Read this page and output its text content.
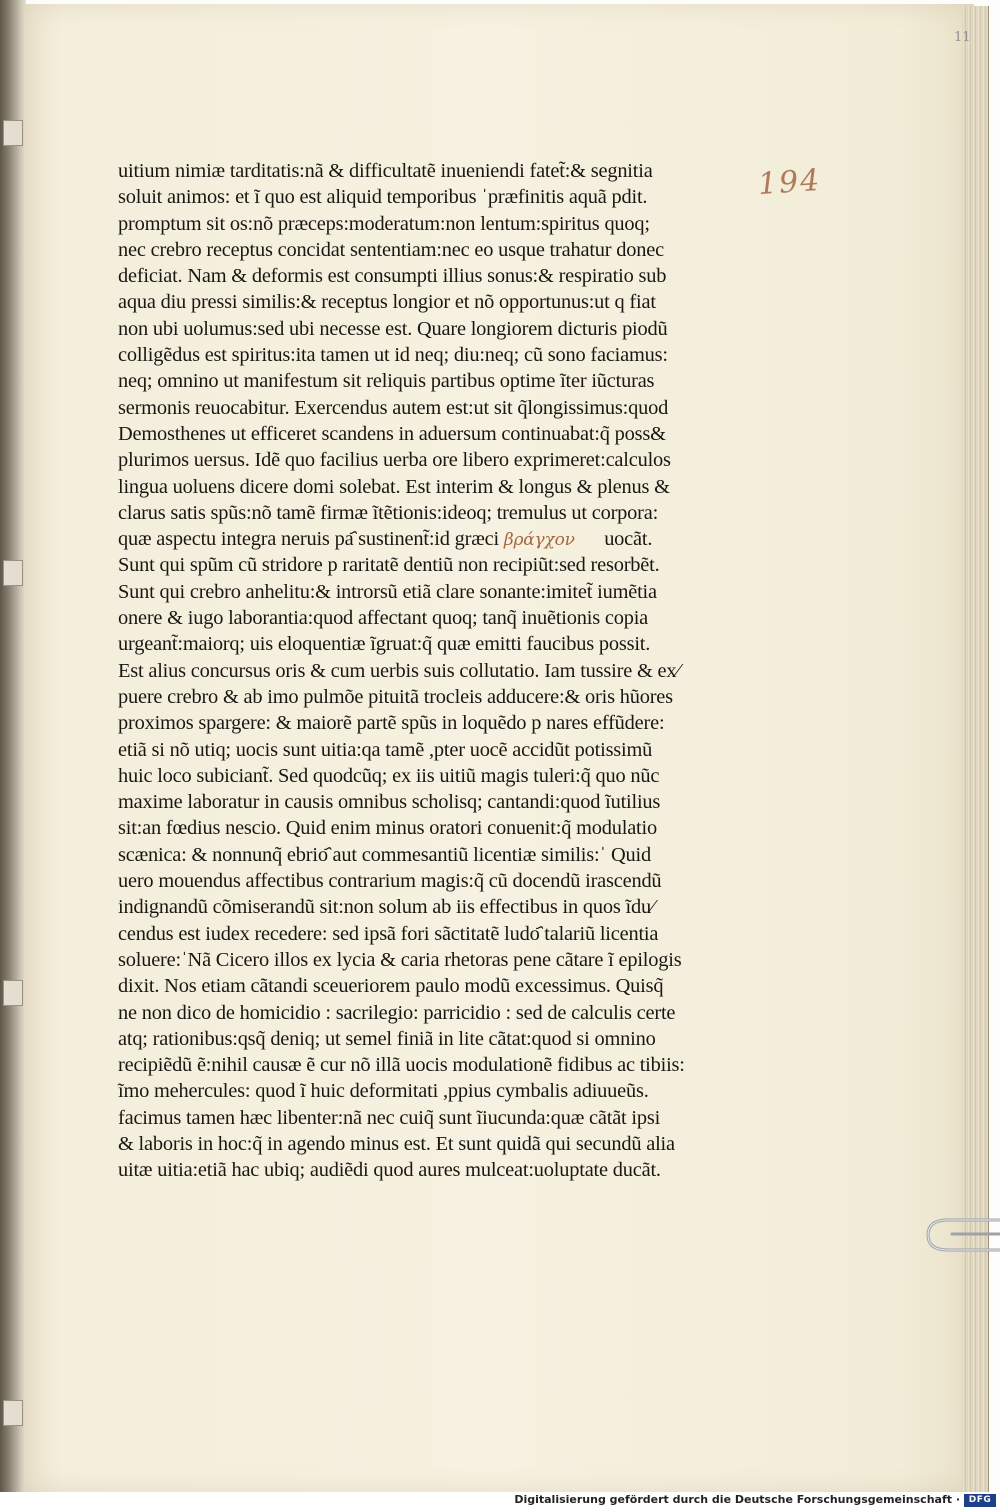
11
194
uitium nimiæ tarditatis:nã & difficultatẽ inueniendi fatet̃:& segnitia
soluit animos: et ĩ quo est aliquid temporibus ˈpræfinitis aquã pdit.
promptum sit os:nõ præceps:moderatum:non lentum:spiritus quoq;
nec crebro receptus concidat sententiam:nec eo usque trahatur donec
deficiat. Nam & deformis est consumpti illius sonus:& respiratio sub
aqua diu pressi similis:& receptus longior et nõ opportunus:ut q fiat
non ubi uolumus:sed ubi necesse est. Quare longiorem dicturis piodũ
colligẽdus est spiritus:ita tamen ut id neq; diu:neq; cũ sono faciamus:
neq; omnino ut manifestum sit reliquis partibus optime ĩter iũcturas
sermonis reuocabitur. Exercendus autem est:ut sit q̃longissimus:quod
Demosthenes ut efficeret scandens in aduersum continuabat:q̃ poss&
plurimos uersus. Idẽ quo facilius uerba ore libero exprimeret:calculos
lingua uoluens dicere domi solebat. Est interim & longus & plenus &
clarus satis spũs:nõ tamẽ firmæ ĩtẽtionis:ideoq; tremulus ut corpora:
quæ aspectu integra neruis pa҄ sustinent̃:id græci βράγχον uocãt.
Sunt qui spũm cũ stridore p raritatẽ dentiũ non recipiũt:sed resorbẽt.
Sunt qui crebro anhelitu:& introrsũ etiã clare sonante:imitet̃ iumẽtia
onere & iugo laborantia:quod affectant quoq; tanq̃ inuẽtionis copia
urgeant̃:maiorq; uis eloquentiæ ĩgruat:q̃ quæ emitti faucibus possit.
Est alius concursus oris & cum uerbis suis collutatio. Iam tussire & ex⁄
puere crebro & ab imo pulmõe pituitã trocleis adducere:& oris hũores
proximos spargere: & maiorẽ partẽ spũs in loquẽdo p nares effũdere:
etiã si nõ utiq; uocis sunt uitia:qa tamẽ ,pter uocẽ accidũt potissimũ
huic loco subiciant̃. Sed quodcũq; ex iis uitiũ magis tuleri:q̃ quo nũc
maxime laboratur in causis omnibus scholisq; cantandi:quod ĩutilius
sit:an fœdius nescio. Quid enim minus oratori conuenit:q̃ modulatio
scænica: & nonnunq̃ ebrio҄ aut commesantiũ licentiæ similis:ˈ Quid
uero mouendus affectibus contrarium magis:q̃ cũ docendũ irascendũ
indignandũ cõmiserandũ sit:non solum ab iis effectibus in quos ĩdu⁄
cendus est iudex recedere: sed ipsã fori sãctitatẽ ludo҄ talariũ licentia
soluere:ˈNã Cicero illos ex lycia & caria rhetoras pene cãtare ĩ epilogis
dixit. Nos etiam cãtandi sceueriorem paulo modũ excessimus. Quisq̃
ne non dico de homicidio : sacrilegio: parricidio : sed de calculis certe
atq; rationibus:qsq̃ deniq; ut semel finiã in lite cãtat:quod si omnino
recipiẽdũ ẽ:nihil causæ ẽ cur nõ illã uocis modulationẽ fidibus ac tibiis:
ĩmo mehercules: quod ĩ huic deformitati ,ppius cymbalis adiuueũs.
facimus tamen hæc libenter:nã nec cuiq̃ sunt ĩiucunda:quæ cãtãt ipsi
& laboris in hoc:q̃ in agendo minus est. Et sunt quidã qui secundũ alia
uitæ uitia:etiã hac ubiq; audiẽdi quod aures mulceat:uoluptate ducãt.
Digitalisierung gefördert durch die Deutsche Forschungsgemeinschaft · DFG
